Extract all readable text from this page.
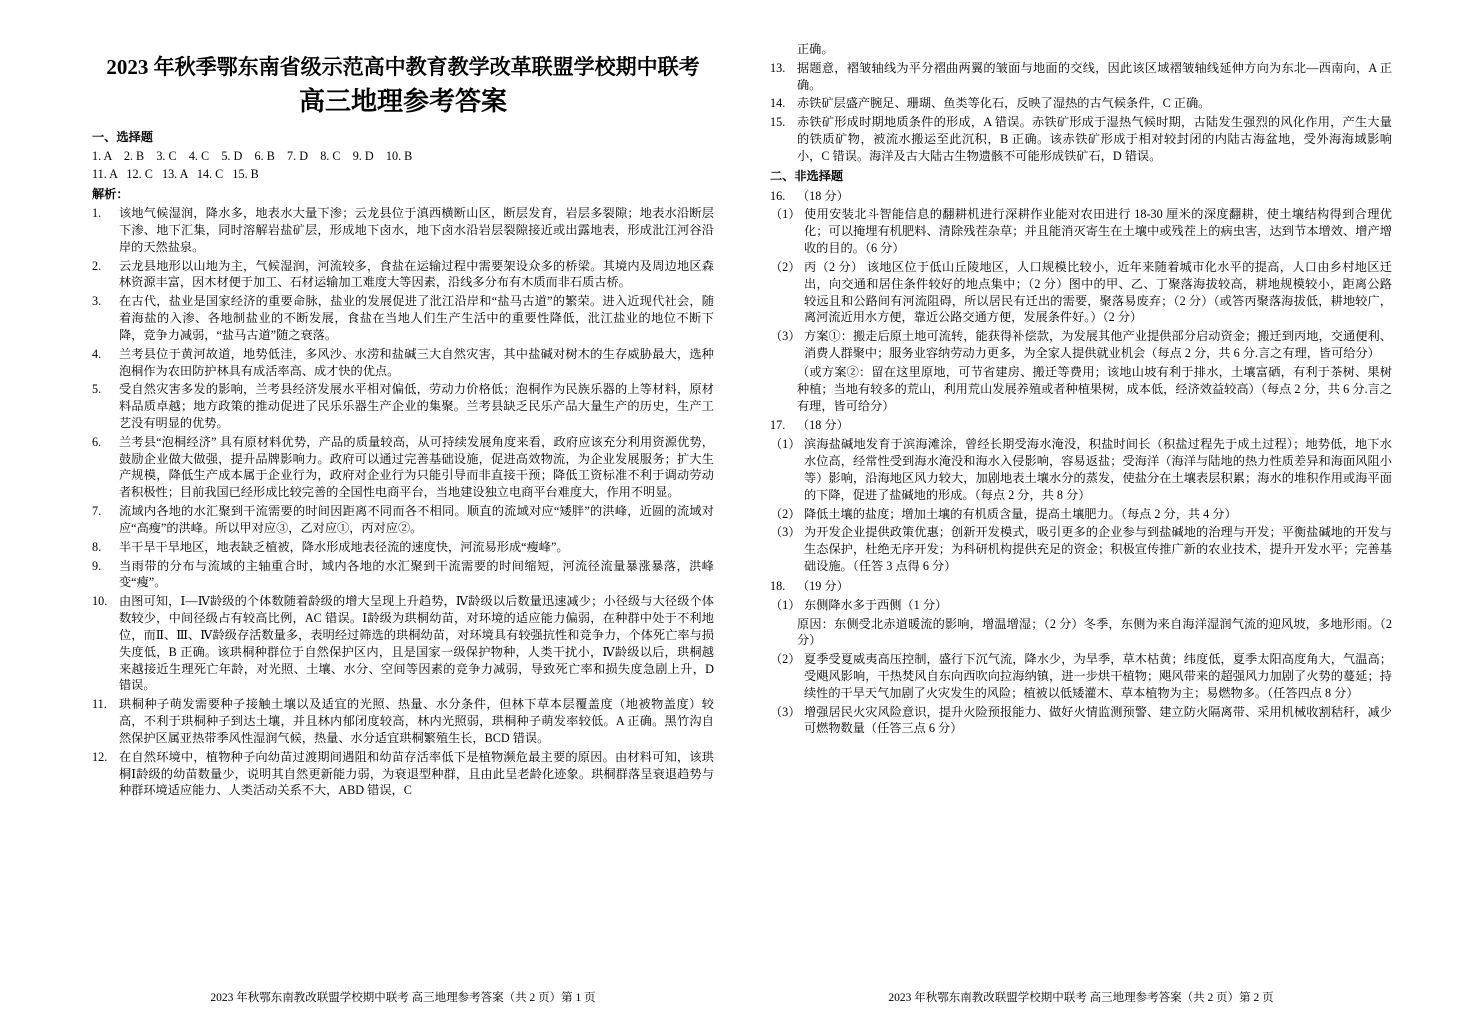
2023 年秋季鄂东南省级示范高中教育教学改革联盟学校期中联考
高三地理参考答案
一、选择题
1. A    2. B    3. C    4. C    5. D    6. B    7. D    8. C    9. D    10. B
11. A   12. C   13. A   14. C   15. B
解析：
1.	该地气候湿润，降水多，地表水大量下渗；云龙县位于滇西横断山区，断层发育，岩层多裂隙；地表水沿断层下渗、地下汇集，同时溶解岩盐矿层，形成地下卤水，地下卤水沿岩层裂隙接近或出露地表，形成沘江河谷沿岸的天然盐泉。
2.	云龙县地形以山地为主，气候湿润，河流较多，食盐在运输过程中需要架设众多的桥梁。其境内及周边地区森林资源丰富，因木材便于加工、石材运输加工难度大等因素，沿线多分布有木质而非石质古桥。
3.	在古代，盐业是国家经济的重要命脉，盐业的发展促进了沘江沿岸和“盐马古道”的繁荣。进入近现代社会，随着海盐的入渗、各地制盐业的不断发展，食盐在当地人们生产生活中的重要性降低，沘江盐业的地位不断下降，竞争力减弱，“盐马古道”随之衰落。
4.	兰考县位于黄河故道，地势低洼，多风沙、水涝和盐碱三大自然灾害，其中盐碱对树木的生存威胁最大，选种泡桐作为农田防护林具有成活率高、成才快的优点。
5.	受自然灾害多发的影响，兰考县经济发展水平相对偏低，劳动力价格低；泡桐作为民族乐器的上等材料，原材料品质卓越；地方政策的推动促进了民乐乐器生产企业的集聚。兰考县缺乏民乐产品大量生产的历史，生产工艺没有明显的优势。
6.	兰考县“泡桐经济” 具有原材料优势，产品的质量较高，从可持续发展角度来看，政府应该充分利用资源优势，鼓励企业做大做强，提升品牌影响力。政府可以通过完善基础设施，促进高效物流，为企业发展服务；扩大生产规模，降低生产成本属于企业行为，政府对企业行为只能引导而非直接干预；降低工资标准不利于调动劳动者积极性；目前我国已经形成比较完善的全国性电商平台，当地建设独立电商平台难度大，作用不明显。
7.	流域内各地的水汇聚到干流需要的时间因距离不同而各不相同。顺直的流域对应“矮胖”的洪峰，近圆的流域对应“高瘦”的洪峰。所以甲对应③，乙对应①，丙对应②。
8.	半干旱干旱地区，地表缺乏植被，降水形成地表径流的速度快，河流易形成“瘦峰”。
9.	当雨带的分布与流域的主轴重合时，域内各地的水汇聚到干流需要的时间缩短，河流径流量暴涨暴落，洪峰变“瘦”。
10. 由图可知，Ⅰ—Ⅳ龄级的个体数随着龄级的增大呈现上升趋势，Ⅳ龄级以后数量迅速减少；小径级与大径级个体数较少，中间径级占有较高比例，AC 错误。Ⅰ龄级为珙桐幼苗，对环境的适应能力偏弱，在种群中处于不利地位，而Ⅱ、Ⅲ、Ⅳ龄级存活数量多，表明经过筛选的珙桐幼苗，对环境具有较强抗性和竞争力，个体死亡率与损失度低，B 正确。该珙桐种群位于自然保护区内，且是国家一级保护物种，人类干扰小，Ⅳ龄级以后，珙桐越来越接近生理死亡年龄，对光照、土壤、水分、空间等因素的竞争力减弱，导致死亡率和损失度急剧上升，D 错误。
11.	珙桐种子萌发需要种子接触土壤以及适宜的光照、热量、水分条件，但林下草本层覆盖度（地被物盖度）较高，不利于珙桐种子到达土壤，并且林内郁闭度较高，林内光照弱，珙桐种子萌发率较低。A 正确。黑竹沟自然保护区属亚热带季风性湿润气候，热量、水分适宜珙桐繁殖生长，BCD 错误。
12. 在自然环境中，植物种子向幼苗过渡期间遇阻和幼苗存活率低下是植物濒危最主要的原因。由材料可知，该珙桐Ⅰ龄级的幼苗数量少，说明其自然更新能力弱，为衰退型种群，且由此呈老龄化迹象。珙桐群落呈衰退趋势与种群环境适应能力、人类活动关系不大，ABD 错误，C
2023 年秋鄂东南教改联盟学校期中联考 高三地理参考答案（共 2 页）第 1 页
正确。
13. 据题意，褶皱轴线为平分褶曲两翼的皱面与地面的交线，因此该区域褶皱轴线延伸方向为东北—西南向，A 正确。
14. 赤铁矿层盛产腕足、珊瑚、鱼类等化石，反映了湿热的古气候条件，C 正确。
15. 赤铁矿形成时期地质条件的形成，A 错误。赤铁矿形成于湿热气候时期，古陆发生强烈的风化作用，产生大量的铁质矿物，被流水搬运至此沉积，B 正确。该赤铁矿形成于相对较封闭的内陆古海盆地，受外海海域影响小，C 错误。海洋及古大陆古生物遗骸不可能形成铁矿石，D 错误。
二、非选择题
16. （18 分）
（1） 使用安装北斗智能信息的翻耕机进行深耕作业能对农田进行 18-30 厘米的深度翻耕，使土壤结构得到合理优化；可以掩埋有机肥料、清除残茬杂草；并且能消灭寄生在土壤中或残茬上的病虫害，达到节本增效、增产增收的目的。（6 分）
（2） 丙（2 分） 该地区位于低山丘陵地区，人口规模比较小，近年来随着城市化水平的提高，人口由乡村地区迁出，向交通和居住条件较好的地点集中；（2 分）图中的甲、乙、丁聚落海拔较高，耕地规模较小，距离公路较远且和公路间有河流阻碍，所以居民有迁出的需要，聚落易废弃；（2 分）（或答丙聚落海拔低，耕地较广，离河流近用水方便，靠近公路交通方便，发展条件好。）（2 分）
（3） 方案①：搬走后原土地可流转，能获得补偿款，为发展其他产业提供部分启动资金；搬迁到丙地，交通便利、消费人群聚中；服务业容纳劳动力更多，为全家人提供就业机会（每点 2 分，共 6 分.言之有理，皆可给分）
（或方案②：留在这里原地，可节省建房、搬迁等费用；该地山坡有利于排水，土壤富硒，有利于茶树、果树种植；当地有较多的荒山，利用荒山发展养殖或者种植果树，成本低，经济效益较高）（每点 2 分，共 6 分.言之有理，皆可给分）
17. （18 分）
（1） 滨海盐碱地发育于滨海滩涂，曾经长期受海水淹没，积盐时间长（积盐过程先于成土过程）；地势低，地下水水位高，经常性受到海水淹没和海水入侵影响，容易返盐；受海洋（海洋与陆地的热力性质差异和海面风阻小等）影响，沿海地区风力较大，加剧地表土壤水分的蒸发，使盐分在土壤表层积累；海水的堆积作用或海平面的下降，促进了盐碱地的形成。（每点 2 分，共 8 分）
（2） 降低土壤的盐度；增加土壤的有机质含量，提高土壤肥力。（每点 2 分，共 4 分）
（3） 为开发企业提供政策优惠；创新开发模式，吸引更多的企业参与到盐碱地的治理与开发；平衡盐碱地的开发与生态保护，杜绝无序开发；为科研机构提供充足的资金；积极宣传推广新的农业技术，提升开发水平；完善基础设施。（任答 3 点得 6 分）
18. （19 分）
（1） 东侧降水多于西侧（1 分）
原因：东侧受北赤道暖流的影响，增温增湿；（2 分）冬季，东侧为来自海洋湿润气流的迎风坡，多地形雨。（2 分）
（2） 夏季受夏威夷高压控制，盛行下沉气流，降水少，为旱季，草木枯黄；纬度低，夏季太阳高度角大，气温高；受飓风影响，干热焚风自东向西吹向拉海纳镇，进一步烘干植物；飓风带来的超强风力加剧了火势的蔓延；持续性的干旱天气加剧了火灾发生的风险；植被以低矮灌木、草本植物为主；易燃物多。（任答四点 8 分）
（3） 增强居民火灾风险意识，提升火险预报能力、做好火情监测预警、建立防火隔离带、采用机械收割秸秆，减少可燃物数量（任答三点 6 分）
2023 年秋鄂东南教改联盟学校期中联考 高三地理参考答案（共 2 页）第 2 页
